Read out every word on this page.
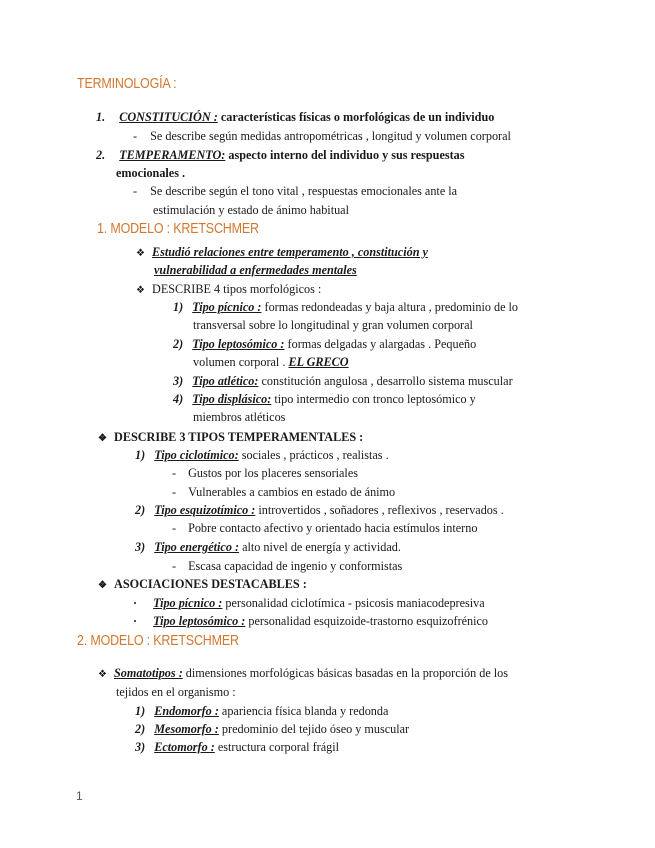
TERMINOLOGÍA :
1. CONSTITUCIÓN : características físicas o morfológicas de un individuo
- Se describe según medidas antropométricas , longitud y volumen corporal
2. TEMPERAMENTO: aspecto interno del individuo y sus respuestas
emocionales .
- Se describe según el tono vital , respuestas emocionales ante la
estimulación y estado de ánimo habitual
1. MODELO : KRETSCHMER
❖ Estudió relaciones entre temperamento , constitución y
vulnerabilidad a enfermedades mentales
❖ DESCRIBE 4 tipos morfológicos :
1) Tipo pícnico : formas redondeadas y baja altura , predominio de lo
transversal sobre lo longitudinal y gran volumen corporal
2) Tipo leptosómico : formas delgadas y alargadas . Pequeño
volumen corporal . EL GRECO
3) Tipo atlético: constitución angulosa , desarrollo sistema muscular
4) Tipo displásico: tipo intermedio con tronco leptosómico y
miembros atléticos
❖ DESCRIBE 3 TIPOS TEMPERAMENTALES :
1) Tipo ciclotímico: sociales , prácticos , realistas .
- Gustos por los placeres sensoriales
- Vulnerables a cambios en estado de ánimo
2) Tipo esquizotímico : introvertidos , soñadores , reflexivos , reservados .
- Pobre contacto afectivo y orientado hacia estímulos interno
3) Tipo energético : alto nivel de energía y actividad.
- Escasa capacidad de ingenio y conformistas
❖ ASOCIACIONES DESTACABLES :
· Tipo pícnico : personalidad ciclotímica - psicosis maniacodepresiva
· Tipo leptosómico : personalidad esquizoide-trastorno esquizofrénico
2. MODELO : KRETSCHMER
❖ Somatotipos : dimensiones morfológicas básicas basadas en la proporción de los
tejidos en el organismo :
1) Endomorfo : apariencia física blanda y redonda
2) Mesomorfo : predominio del tejido óseo y muscular
3) Ectomorfo : estructura corporal frágil
1
